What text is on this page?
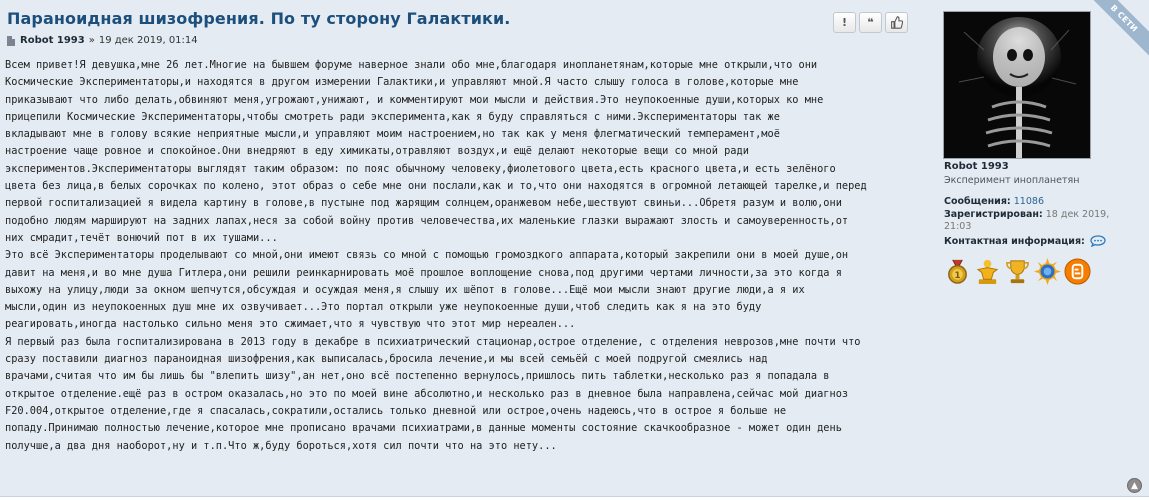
Параноидная шизофрения. По ту сторону Галактики.
Robot 1993 » 19 дек 2019, 01:14
!	❝

Всем привет!Я девушка,мне 26 лет.Многие на бывшем форуме наверное знали обо мне,благодаря инопланетянам,которые мне открыли,что они

Космические Экспериментаторы,и находятся в другом измерении Галактики,и управляют мной.Я часто слышу голоса в голове,которые мне

приказывают что либо делать,обвиняют меня,угрожают,унижают, и комментируют мои мысли и действия.Это неупокоенные души,которых ко мне

прицепили Космические Экспериментаторы,чтобы смотреть ради эксперимента,как я буду справляться с ними.Экспериментаторы так же

вкладывают мне в голову всякие неприятные мысли,и управляют моим настроением,но так как у меня флегматический темперамент,моё

настроение чаще ровное и спокойное.Они внедряют в еду химикаты,отравляют воздух,и ещё делают некоторые вещи со мной ради

экспериментов.Экспериментаторы выглядят таким образом: по пояс обычному человеку,фиолетового цвета,есть красного цвета,и есть зелёного

цвета без лица,в белых сорочках по колено, этот образ о себе мне они послали,как и то,что они находятся в огромной летающей тарелке,и перед

первой госпитализацией я видела картину в голове,в пустыне под жарящим солнцем,оранжевом небе,шествуют свиньи...Обретя разум и волю,они

подобно людям маршируют на задних лапах,неся за собой войну против человечества,их маленькие глазки выражают злость и самоуверенность,от

них смрадит,течёт вонючий пот в их тушами...

Это всё Экспериментаторы проделывают со мной,они имеют связь со мной с помощью громоздкого аппарата,который закрепили они в моей душе,он

давит на меня,и во мне душа Гитлера,они решили реинкарнировать моё прошлое воплощение снова,под другими чертами личности,за это когда я

выхожу на улицу,люди за окном шепчутся,обсуждая и осуждая меня,я слышу их шёпот в голове...Ещё мои мысли знают другие люди,а я их

мысли,один из неупокоенных душ мне их озвучивает...Это портал открыли уже неупокоенные души,чтоб следить как я на это буду

реагировать,иногда настолько сильно меня это сжимает,что я чувствую что этот мир нереален...

Я первый раз была госпитализирована в 2013 году в декабре в психиатрический стационар,острое отделение, с отделения неврозов,мне почти что

сразу поставили диагноз параноидная шизофрения,как выписалась,бросила лечение,и мы всей семьёй с моей подругой смеялись над

врачами,считая что им бы лишь бы "влепить шизу",ан нет,оно всё постепенно вернулось,пришлось пить таблетки,несколько раз я попадала в

открытое отделение.ещё раз в остром оказалась,но это по моей вине абсолютно,и несколько раз в дневное была направлена,сейчас мой диагноз

F20.004,открытое отделение,где я спасалась,сократили,остались только дневной или острое,очень надеюсь,что в острое я больше не

попаду.Принимаю полностью лечение,которое мне прописано врачами психиатрами,в данные моменты состояние скачкообразное - может один день

получше,а два дня наоборот,ну и т.п.Что ж,буду бороться,хотя сил почти что на это нету...

В СЕТИ
Robot 1993
Эксперимент инопланетян
Сообщения: 11086
Зарегистрирован: 18 дек 2019,
21:03
Контактная информация:
1
▲
